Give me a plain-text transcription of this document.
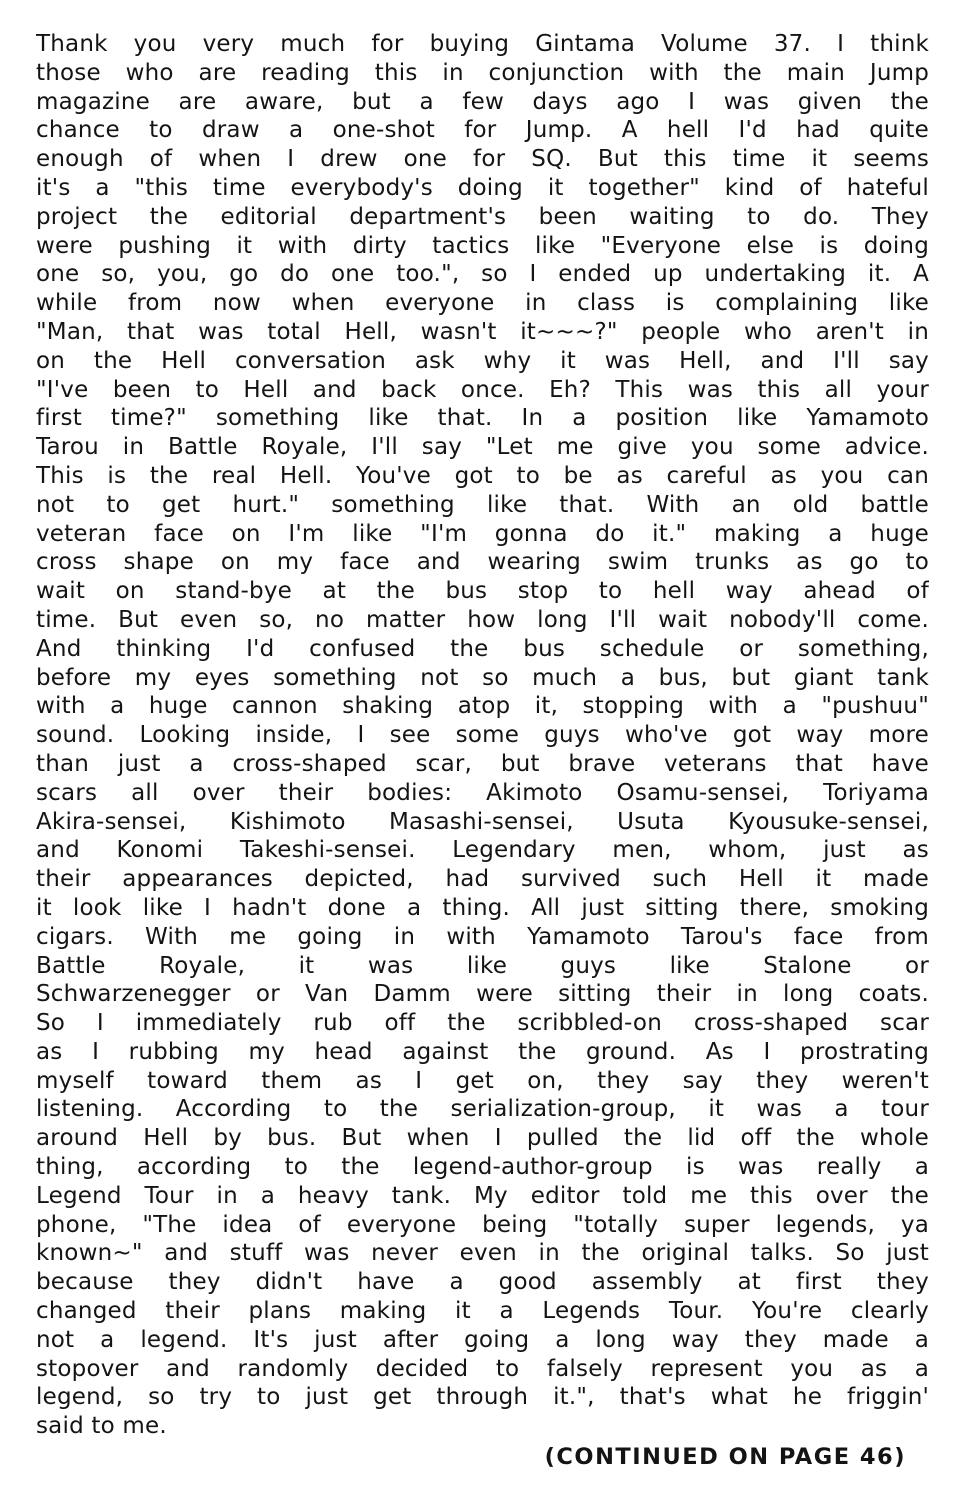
Thank you very much for buying Gintama Volume 37. I think
those who are reading this in conjunction with the main Jump
magazine are aware, but a few days ago I was given the
chance to draw a one-shot for Jump. A hell I'd had quite
enough of when I drew one for SQ. But this time it seems
it's a "this time everybody's doing it together" kind of hateful
project the editorial department's been waiting to do. They
were pushing it with dirty tactics like "Everyone else is doing
one so, you, go do one too.", so I ended up undertaking it. A
while from now when everyone in class is complaining like
"Man, that was total Hell, wasn't it~~~?" people who aren't in
on the Hell conversation ask why it was Hell, and I'll say
"I've been to Hell and back once. Eh? This was this all your
first time?" something like that. In a position like Yamamoto
Tarou in Battle Royale, I'll say "Let me give you some advice.
This is the real Hell. You've got to be as careful as you can
not to get hurt." something like that. With an old battle
veteran face on I'm like "I'm gonna do it." making a huge
cross shape on my face and wearing swim trunks as go to
wait on stand-bye at the bus stop to hell way ahead of
time. But even so, no matter how long I'll wait nobody'll come.
And thinking I'd confused the bus schedule or something,
before my eyes something not so much a bus, but giant tank
with a huge cannon shaking atop it, stopping with a "pushuu"
sound. Looking inside, I see some guys who've got way more
than just a cross-shaped scar, but brave veterans that have
scars all over their bodies: Akimoto Osamu-sensei, Toriyama
Akira-sensei, Kishimoto Masashi-sensei, Usuta Kyousuke-sensei,
and Konomi Takeshi-sensei. Legendary men, whom, just as
their appearances depicted, had survived such Hell it made
it look like I hadn't done a thing. All just sitting there, smoking
cigars. With me going in with Yamamoto Tarou's face from
Battle Royale, it was like guys like Stalone or
Schwarzenegger or Van Damm were sitting their in long coats.
So I immediately rub off the scribbled-on cross-shaped scar
as I rubbing my head against the ground. As I prostrating
myself toward them as I get on, they say they weren't
listening. According to the serialization-group, it was a tour
around Hell by bus. But when I pulled the lid off the whole
thing, according to the legend-author-group is was really a
Legend Tour in a heavy tank. My editor told me this over the
phone, "The idea of everyone being "totally super legends, ya
known~" and stuff was never even in the original talks. So just
because they didn't have a good assembly at first they
changed their plans making it a Legends Tour. You're clearly
not a legend. It's just after going a long way they made a
stopover and randomly decided to falsely represent you as a
legend, so try to just get through it.", that's what he friggin'
said to me.
(CONTINUED ON PAGE 46)
